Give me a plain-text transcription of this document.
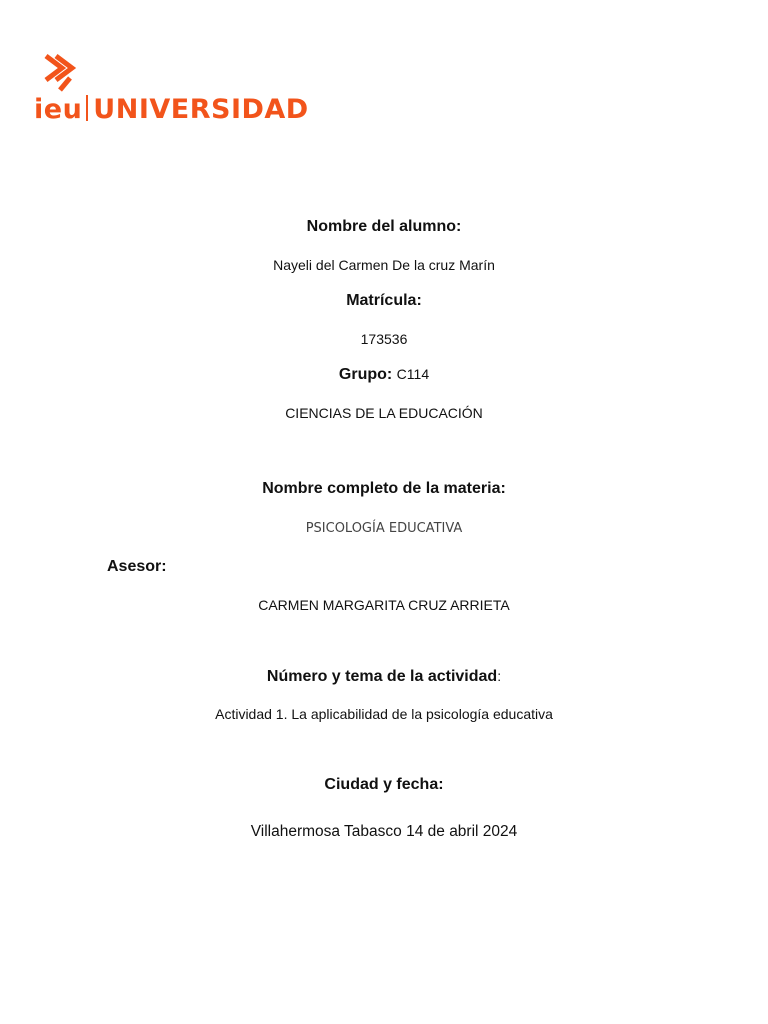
ieu UNIVERSIDAD
Nombre del alumno:
Nayeli del Carmen De la cruz Marín
Matrícula:
173536
Grupo: C114
CIENCIAS DE LA EDUCACIÓN
Nombre completo de la materia:
PSICOLOGÍA EDUCATIVA
Asesor:
CARMEN MARGARITA CRUZ ARRIETA
Número y tema de la actividad:
Actividad 1. La aplicabilidad de la psicología educativa
Ciudad y fecha:
Villahermosa Tabasco 14 de abril 2024
